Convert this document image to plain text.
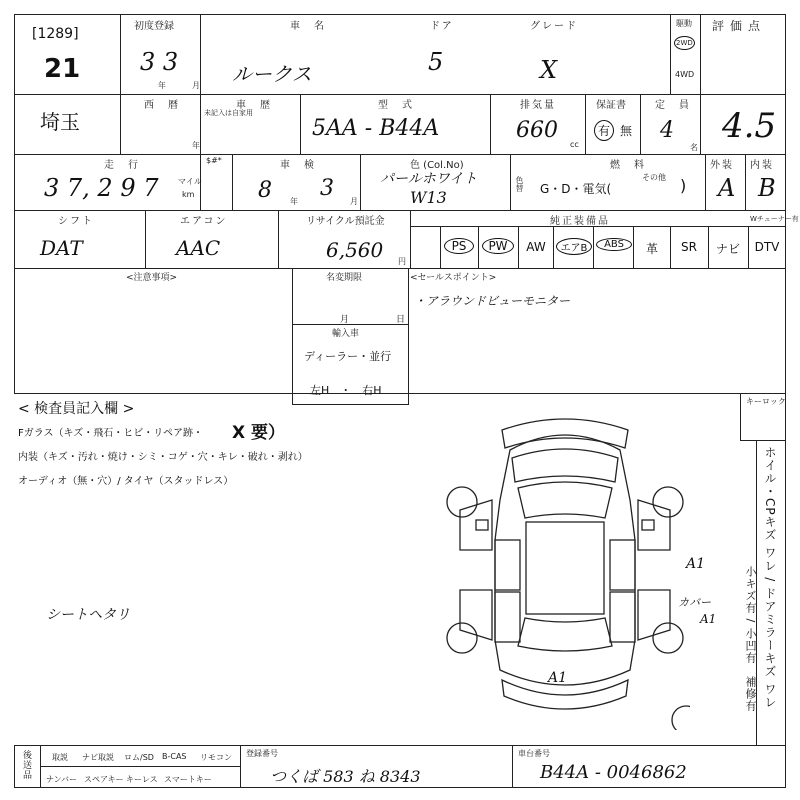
[1289]
21
初度登録
3 3
年	月
車　名
ルークス
ドア
5
グレード
X
駆動
2WD
4WD
評価点
4.5
埼玉
西　暦
年
車　歴
未記入は自家用
型　式
5AA - B44A
排気量
660
cc
保証書
有 無
定　員
4
名
走　行
3 7, 2 9 7 マイル
km
$#*	車　検
8 年
3
月
色 (Col.No)
パールホワイト
W13
色替
燃　料
G・D・電気(
その他 )
外装
A
内装
B
シフト
DAT
エアコン
AAC
リサイクル預託金
6,560 円
純正装備品	Wチューナー有
PS	PW	AW	エアB	ABS	革	SR	ナビ	DTV
<注意事項>	名変期限
月	日
輸入車
ディーラー・並行
左H　・　右H
<セールスポイント>
・アラウンドビューモニター
< 検査員記入欄 >	キーロック
Fガラス（キズ・飛石・ヒビ・リペア跡・ X 要）
内装（キズ・汚れ・焼け・シミ・コゲ・穴・キレ・破れ・剥れ）
オーディオ（無・穴）/ タイヤ（スタッドレス）
シートヘタリ	ホイル・CPキズ ワレ / ドアミラーキズ ワレ
小キズ有 / 小凹有　補修有
A1
カバー
A1
A1
後送品	取説 ナビ取説 ロム/SD B-CAS リモコン
ナンバー スペアキー キーレス スマートキー
登録番号
つくば 583 ね 8343
車台番号
B44A - 0046862
